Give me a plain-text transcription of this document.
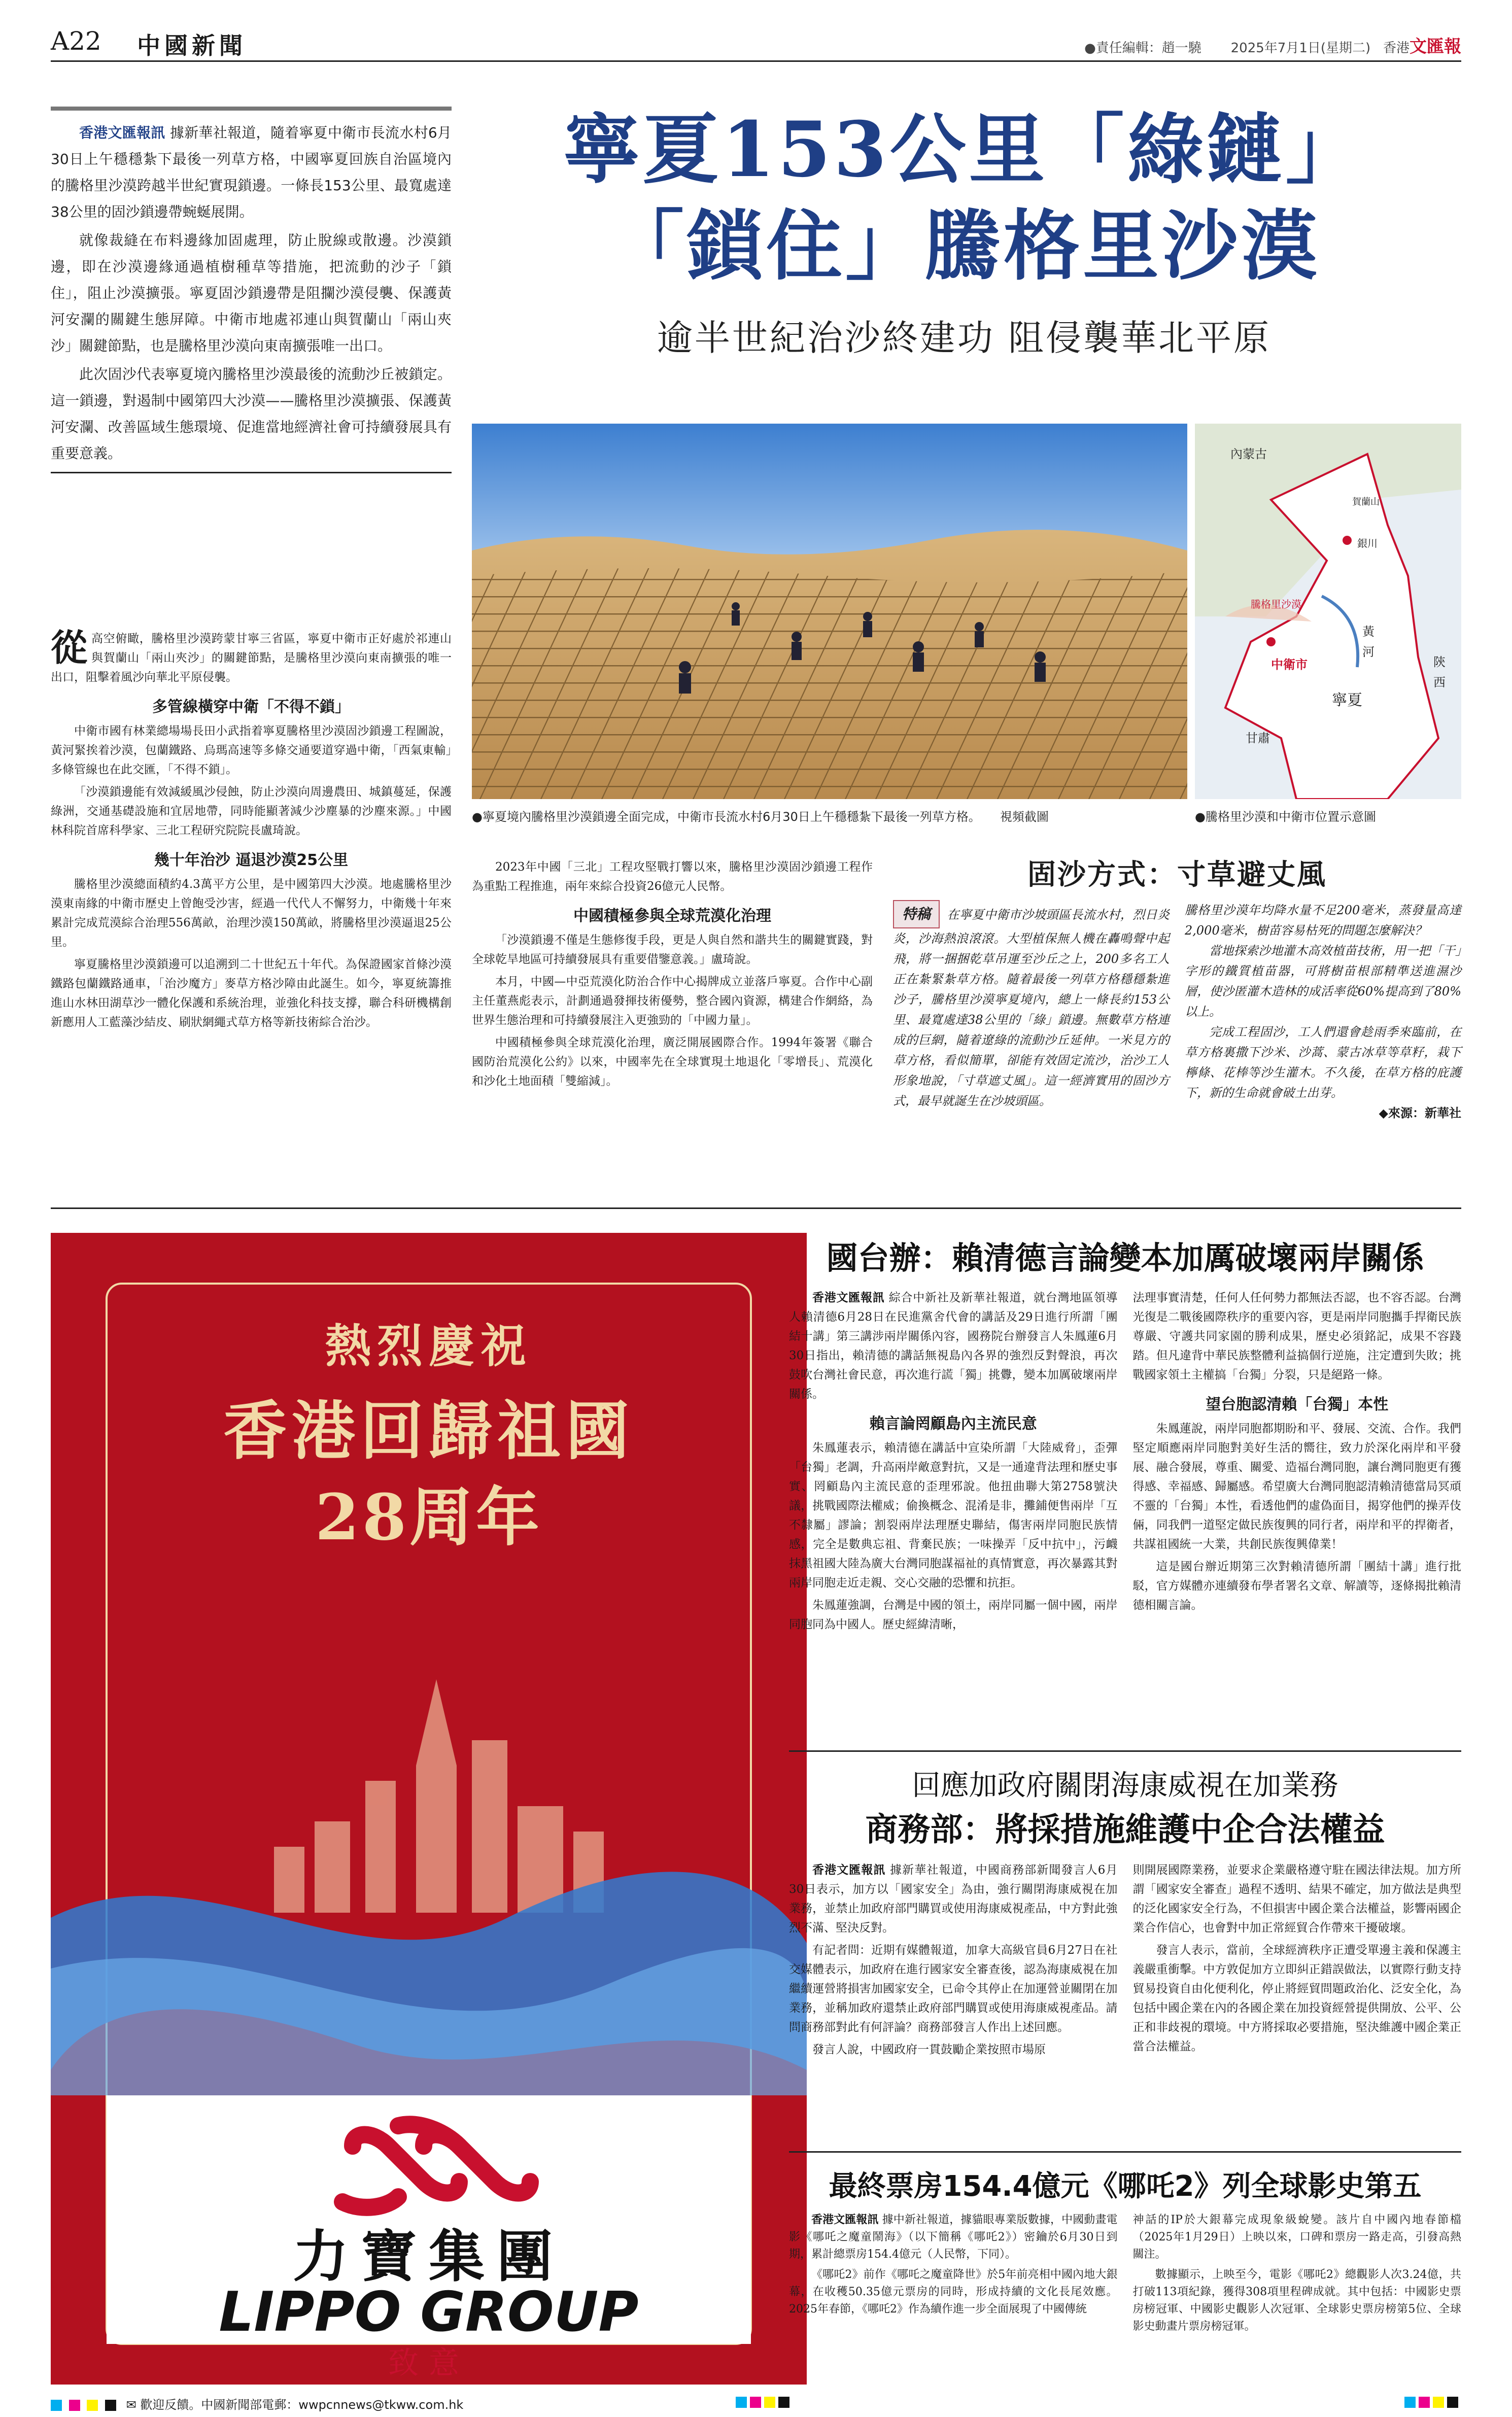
A22 中國新聞	●責任編輯：趙一驍 2025年7月1日(星期二) 香港文匯報

香港文匯報訊 據新華社報道，隨着寧夏中衛市長流水村6月30日上午穩穩紮下最後一列草方格，中國寧夏回族自治區境內的騰格里沙漠跨越半世紀實現鎖邊。一條長153公里、最寬處達38公里的固沙鎖邊帶蜿蜒展開。

就像裁縫在布料邊緣加固處理，防止脫線或散邊。沙漠鎖邊，即在沙漠邊緣通過植樹種草等措施，把流動的沙子「鎖住」，阻止沙漠擴張。寧夏固沙鎖邊帶是阻攔沙漠侵襲、保護黃河安瀾的關鍵生態屏障。中衛市地處祁連山與賀蘭山「兩山夾沙」關鍵節點，也是騰格里沙漠向東南擴張唯一出口。

此次固沙代表寧夏境內騰格里沙漠最後的流動沙丘被鎖定。這一鎖邊，對遏制中國第四大沙漠——騰格里沙漠擴張、保護黃河安瀾、改善區域生態環境、促進當地經濟社會可持續發展具有重要意義。

寧夏153公里「綠鏈」
「鎖住」騰格里沙漠
逾半世紀治沙終建功 阻侵襲華北平原
內蒙古
賀蘭山
銀川
騰格里沙漠
黃
河
中衛市
寧夏
陝
西
甘肅
●寧夏境內騰格里沙漠鎖邊全面完成，中衛市長流水村6月30日上午穩穩紮下最後一列草方格。 視頻截圖	●騰格里沙漠和中衛市位置示意圖

從高空俯瞰，騰格里沙漠跨蒙甘寧三省區，寧夏中衛市正好處於祁連山與賀蘭山「兩山夾沙」的關鍵節點，是騰格里沙漠向東南擴張的唯一出口，阻擊着風沙向華北平原侵襲。

多管線橫穿中衛「不得不鎖」

中衛市國有林業總場場長田小武指着寧夏騰格里沙漠固沙鎖邊工程圖說，黃河緊挨着沙漠，包蘭鐵路、烏瑪高速等多條交通要道穿過中衛，「西氣東輸」多條管線也在此交匯，「不得不鎖」。

「沙漠鎖邊能有效減緩風沙侵蝕，防止沙漠向周邊農田、城鎮蔓延，保護綠洲，交通基礎設施和宜居地帶，同時能顯著減少沙塵暴的沙塵來源。」中國林科院首席科學家、三北工程研究院院長盧琦說。

幾十年治沙 逼退沙漠25公里

騰格里沙漠總面積約4.3萬平方公里，是中國第四大沙漠。地處騰格里沙漠東南緣的中衛市歷史上曾飽受沙害，經過一代代人不懈努力，中衛幾十年來累計完成荒漠綜合治理556萬畝，治理沙漠150萬畝，將騰格里沙漠逼退25公里。

寧夏騰格里沙漠鎖邊可以追溯到二十世紀五十年代。為保證國家首條沙漠鐵路包蘭鐵路通車，「治沙魔方」麥草方格沙障由此誕生。如今，寧夏統籌推進山水林田湖草沙一體化保護和系統治理，並強化科技支撐，聯合科研機構創新應用人工藍藻沙結皮、刷狀網繩式草方格等新技術綜合治沙。

2023年中國「三北」工程攻堅戰打響以來，騰格里沙漠固沙鎖邊工程作為重點工程推進，兩年來綜合投資26億元人民幣。

中國積極參與全球荒漠化治理

「沙漠鎖邊不僅是生態修復手段，更是人與自然和諧共生的關鍵實踐，對全球乾旱地區可持續發展具有重要借鑒意義。」盧琦說。

本月，中國—中亞荒漠化防治合作中心揭牌成立並落戶寧夏。合作中心副主任董燕彪表示，計劃通過發揮技術優勢，整合國內資源，構建合作網絡，為世界生態治理和可持續發展注入更強勁的「中國力量」。

中國積極參與全球荒漠化治理，廣泛開展國際合作。1994年簽署《聯合國防治荒漠化公約》以來，中國率先在全球實現土地退化「零增長」、荒漠化和沙化土地面積「雙縮減」。

固沙方式：寸草避丈風

特稿 在寧夏中衛市沙坡頭區長流水村，烈日炎炎，沙海熱浪滾滾。大型植保無人機在轟鳴聲中起飛，將一捆捆乾草吊運至沙丘之上，200多名工人正在紮緊紮草方格。隨着最後一列草方格穩穩紮進沙子，騰格里沙漠寧夏境內，總上一條長約153公里、最寬處達38公里的「綠」鎖邊。無數草方格連成的巨網，隨着遼綠的流動沙丘延伸。一米見方的草方格，看似簡單，卻能有效固定流沙，治沙工人形象地說，「寸草遮丈風」。這一經濟實用的固沙方式，最早就誕生在沙坡頭區。

騰格里沙漠年均降水量不足200毫米，蒸發量高達2,000毫米，樹苗容易枯死的問題怎麼解決？

當地探索沙地灌木高效植苗技術，用一把「干」字形的鐵質植苗器，可將樹苗根部精準送進濕沙層，使沙匿灌木造林的成活率從60%提高到了80%以上。

完成工程固沙，工人們還會趁雨季來臨前，在草方格裏撒下沙米、沙蒿、蒙古冰草等草籽，栽下檸條、花棒等沙生灌木。不久後，在草方格的庇護下，新的生命就會破土出芽。

◆來源：新華社

熱烈慶祝
香港回歸祖國
28周年
力寶集團
LIPPO GROUP
致意
國台辦：賴清德言論變本加厲破壞兩岸關係

香港文匯報訊 綜合中新社及新華社報道，就台灣地區領導人賴清德6月28日在民進黨舍代會的講話及29日進行所謂「團結十講」第三講涉兩岸關係內容，國務院台辦發言人朱鳳蓮6月30日指出，賴清德的講話無視島內各界的強烈反對聲浪，再次鼓吹台灣社會民意，再次進行謊「獨」挑釁，變本加厲破壞兩岸關係。

賴言論罔顧島內主流民意

朱鳳蓮表示，賴清德在講話中宣染所謂「大陸威脅」，歪彈「台獨」老調，升高兩岸敵意對抗，又是一通違背法理和歷史事實、罔顧島內主流民意的歪理邪說。他扭曲聯大第2758號決議，挑戰國際法權威；偷換概念、混淆是非，攤鋪便售兩岸「互不隸屬」謬論；割裂兩岸法理歷史聯結，傷害兩岸同胞民族情感，完全是數典忘祖、背棄民族；一味操弄「反中抗中」，污衊抹黑祖國大陸為廣大台灣同胞謀福祉的真情實意，再次暴露其對兩岸同胞走近走親、交心交融的恐懼和抗拒。

朱鳳蓮強調，台灣是中國的領土，兩岸同屬一個中國，兩岸同胞同為中國人。歷史經緯清晰，

法理事實清楚，任何人任何勢力都無法否認，也不容否認。台灣光復是二戰後國際秩序的重要內容，更是兩岸同胞攜手捍衛民族尊嚴、守護共同家園的勝利成果，歷史必須銘記，成果不容踐踏。但凡違背中華民族整體利益搞個行逆施，注定遭到失敗；挑戰國家領土主權搞「台獨」分裂，只是絕路一條。

望台胞認清賴「台獨」本性

朱鳳蓮說，兩岸同胞都期盼和平、發展、交流、合作。我們堅定順應兩岸同胞對美好生活的嚮往，致力於深化兩岸和平發展、融合發展，尊重、關愛、造福台灣同胞，讓台灣同胞更有獲得感、幸福感、歸屬感。希望廣大台灣同胞認清賴清德當局冥頑不靈的「台獨」本性，看透他們的虛偽面目，揭穿他們的操弄伎倆，同我們一道堅定做民族復興的同行者，兩岸和平的捍衛者，共謀祖國統一大業，共創民族復興偉業！

這是國台辦近期第三次對賴清德所謂「團結十講」進行批駁，官方媒體亦連續發布學者署名文章、解讀等，逐條揭批賴清德相關言論。

回應加政府關閉海康威視在加業務
商務部：將採措施維護中企合法權益

香港文匯報訊 據新華社報道，中國商務部新聞發言人6月30日表示，加方以「國家安全」為由，強行關閉海康威視在加業務，並禁止加政府部門購買或使用海康威視產品，中方對此強烈不滿、堅決反對。

有記者問：近期有媒體報道，加拿大高級官員6月27日在社交媒體表示，加政府在進行國家安全審查後，認為海康威視在加繼續運營將損害加國家安全，已命令其停止在加運營並關閉在加業務，並稱加政府還禁止政府部門購買或使用海康威視產品。請問商務部對此有何評論？商務部發言人作出上述回應。

發言人說，中國政府一貫鼓勵企業按照市場原

則開展國際業務，並要求企業嚴格遵守駐在國法律法規。加方所謂「國家安全審查」過程不透明、結果不確定，加方做法是典型的泛化國家安全行為，不但損害中國企業合法權益，影響兩國企業合作信心，也會對中加正常經貿合作帶來干擾破壞。

發言人表示，當前，全球經濟秩序正遭受單邊主義和保護主義嚴重衝擊。中方敦促加方立即糾正錯誤做法，以實際行動支持貿易投資自由化便利化，停止將經貿問題政治化、泛安全化，為包括中國企業在內的各國企業在加投資經營提供開放、公平、公正和非歧視的環境。中方將採取必要措施，堅決維護中國企業正當合法權益。

最終票房154.4億元《哪吒2》列全球影史第五

香港文匯報訊 據中新社報道，據貓眼專業版數據，中國動畫電影《哪吒之魔童鬧海》（以下簡稱《哪吒2》）密鑰於6月30日到期，累計總票房154.4億元（人民幣，下同）。

《哪吒2》前作《哪吒之魔童降世》於5年前亮相中國內地大銀幕，在收穫50.35億元票房的同時，形成持續的文化長尾效應。2025年春節，《哪吒2》作為續作進一步全面展現了中國傳統

神話的IP於大銀幕完成現象級蛻變。該片自中國內地春節檔（2025年1月29日）上映以來，口碑和票房一路走高，引發高熱關注。

數據顯示，上映至今，電影《哪吒2》總觀影人次3.24億，共打破113項紀錄，獲得308項里程碑成就。其中包括：中國影史票房榜冠軍、中國影史觀影人次冠軍、全球影史票房榜第5位、全球影史動畫片票房榜冠軍。

✉ 歡迎反饋。中國新聞部電郵：wwpcnnews@tkww.com.hk
